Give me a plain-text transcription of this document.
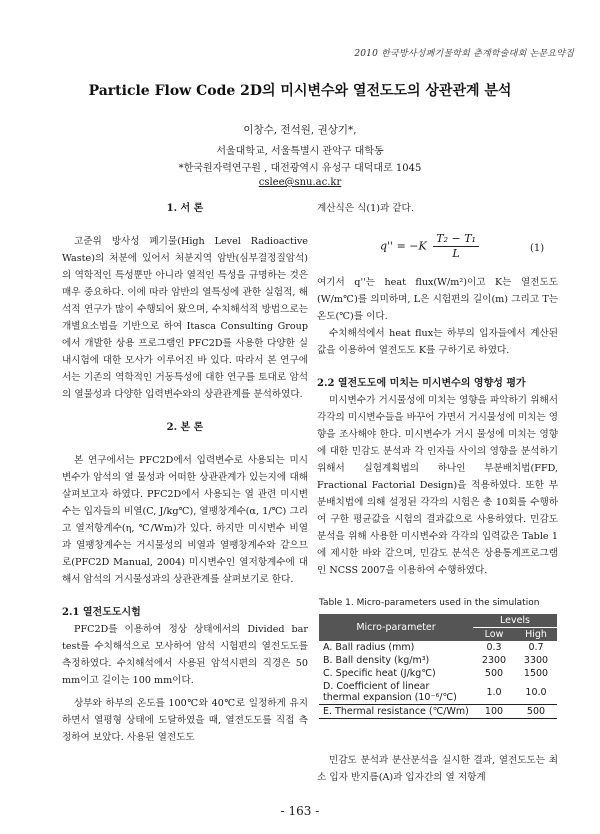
2010 한국방사성폐기물학회 춘계학술대회 논문요약집
Particle Flow Code 2D의 미시변수와 열전도도의 상관관계 분석
이창수, 전석원, 권상기*,
서울대학교, 서울특별시 관악구 대학동
*한국원자력연구원 , 대전광역시 유성구 대덕대로 1045
cslee@snu.ac.kr
1. 서 론

고준위 방사성 폐기물(High Level Radioactive Waste)의 처분에 있어서 처분지역 암반(심부결정질암석)의 역학적인 특성뿐만 아니라 열적인 특성을 규명하는 것은 매우 중요하다. 이에 따라 암반의 열특성에 관한 실험적, 해석적 연구가 많이 수행되어 왔으며, 수치해석적 방법으로는 개별요소법을 기반으로 하여 Itasca Consulting Group에서 개발한 상용 프로그램인 PFC2D를 사용한 다양한 실내시험에 대한 모사가 이루어진 바 있다. 따라서 본 연구에서는 기존의 역학적인 거동특성에 대한 연구를 토대로 암석의 열물성과 다양한 입력변수와의 상관관계를 분석하였다.

2. 본 론

본 연구에서는 PFC2D에서 입력변수로 사용되는 미시변수가 암석의 열 물성과 어떠한 상관관계가 있는지에 대해 살펴보고자 하였다. PFC2D에서 사용되는 열 관련 미시변수는 입자들의 비열(C, J/kg℃), 열팽창계수(α, 1/℃) 그리고 열저항계수(η, ℃/Wm)가 있다. 하지만 미시변수 비열과 열팽창계수는 거시물성의 비열과 열팽창계수와 같으므로(PFC2D Manual, 2004) 미시변수인 열저항계수에 대해서 암석의 거시물성과의 상관관계를 살펴보기로 한다.

2.1 열전도도시험

PFC2D를 이용하여 정상 상태에서의 Divided bar test를 수치해석으로 모사하여 암석 시험편의 열전도도를 측정하였다. 수치해석에서 사용된 암석시편의 직경은 50 mm이고 길이는 100 mm이다.

상부와 하부의 온도를 100℃와 40℃로 일정하게 유지하면서 열평형 상태에 도달하였을 때, 열전도도를 직접 측정하여 보았다. 사용된 열전도도

계산식은 식(1)과 같다.
$q'' = -K \frac{\text{T₂ − T₁}}{L}$	(1)

여기서 q''는 heat flux(W/m²)이고 K는 열전도도(W/m℃)를 의미하며, L은 시험편의 길이(m) 그리고 T는 온도(℃)를 이다.

수치해석에서 heat flux는 하부의 입자들에서 계산된 값을 이용하여 열전도도 K를 구하기로 하였다.

2.2 열전도도에 미치는 미시변수의 영향성 평가

미시변수가 거시물성에 미치는 영향을 파악하기 위해서 각각의 미시변수들을 바꾸어 가면서 거시물성에 미치는 영향을 조사해야 한다. 미시변수가 거시 물성에 미치는 영향에 대한 민감도 분석과 각 인자들 사이의 영향을 분석하기 위해서 실험계획법의 하나인 부분배치법(FFD, Fractional Factorial Design)을 적용하였다. 또한 부분배치법에 의해 설정된 각각의 시험은 총 10회를 수행하여 구한 평균값을 시험의 결과값으로 사용하였다. 민감도 분석을 위해 사용한 미시변수와 각각의 입력값은 Table 1에 제시한 바와 같으며, 민감도 분석은 상용통계프로그램인 NCSS 2007을 이용하여 수행하였다.

Table 1. Micro-parameters used in the simulation
Micro-parameter	Levels	
	Low	High
A. Ball radius (mm)	0.3	0.7
B. Ball density (kg/m³)	2300	3300
C. Specific heat (J/kg℃)	500	1500
D. Coefficient of linear thermal expansion (10⁻⁶/℃)	1.0	10.0
E. Thermal resistance (℃/Wm)	100	500

민감도 분석과 분산분석을 실시한 결과, 열전도도는 최소 입자 반지름(A)과 입자간의 열 저항계

- 163 -
